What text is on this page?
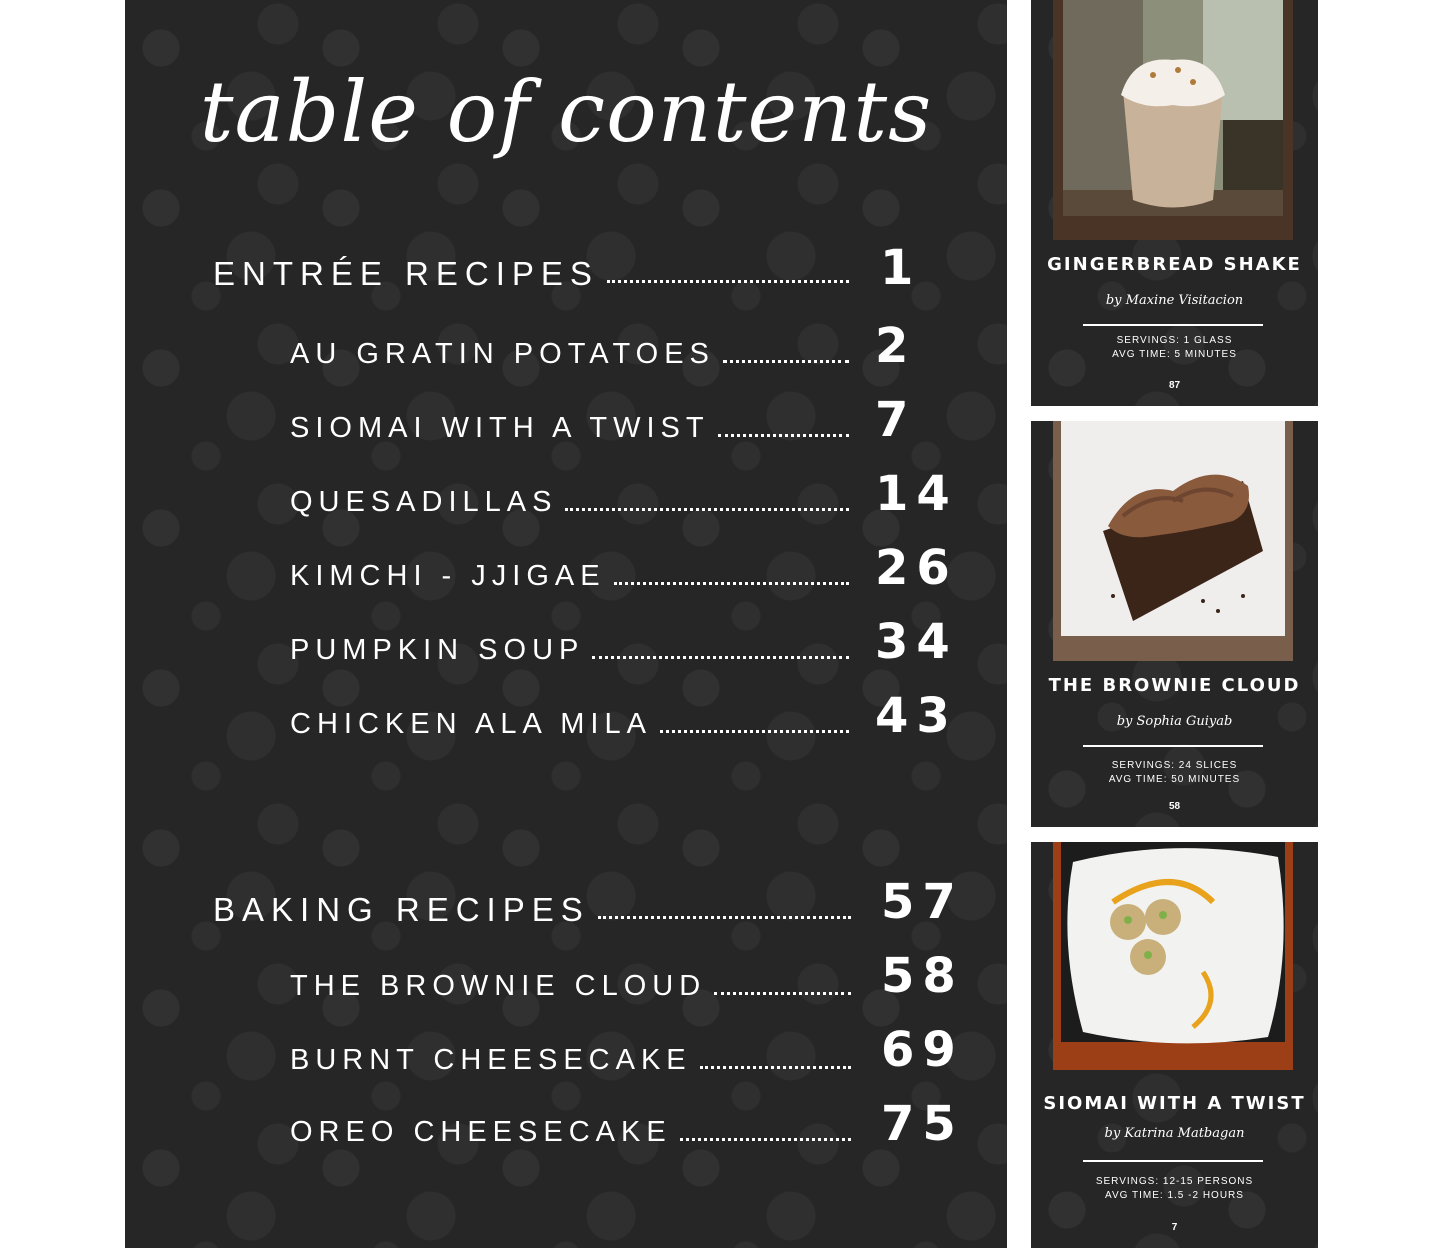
table of contents
ENTRÉE RECIPES	1
AU GRATIN POTATOES	2
SIOMAI WITH A TWIST	7
QUESADILLAS	14
KIMCHI - JJIGAE	26
PUMPKIN SOUP	34
CHICKEN ALA MILA	43
BAKING RECIPES	57
THE BROWNIE CLOUD	58
BURNT CHEESECAKE	69
OREO CHEESECAKE	75
GINGERBREAD SHAKE
by Maxine Visitacion
SERVINGS: 1 GLASS
AVG TIME: 5 MINUTES
87
THE BROWNIE CLOUD
by Sophia Guiyab
SERVINGS: 24 SLICES
AVG TIME: 50 MINUTES
58
SIOMAI WITH A TWIST
by Katrina Matbagan
SERVINGS: 12-15 PERSONS
AVG TIME: 1.5 -2 HOURS
7
